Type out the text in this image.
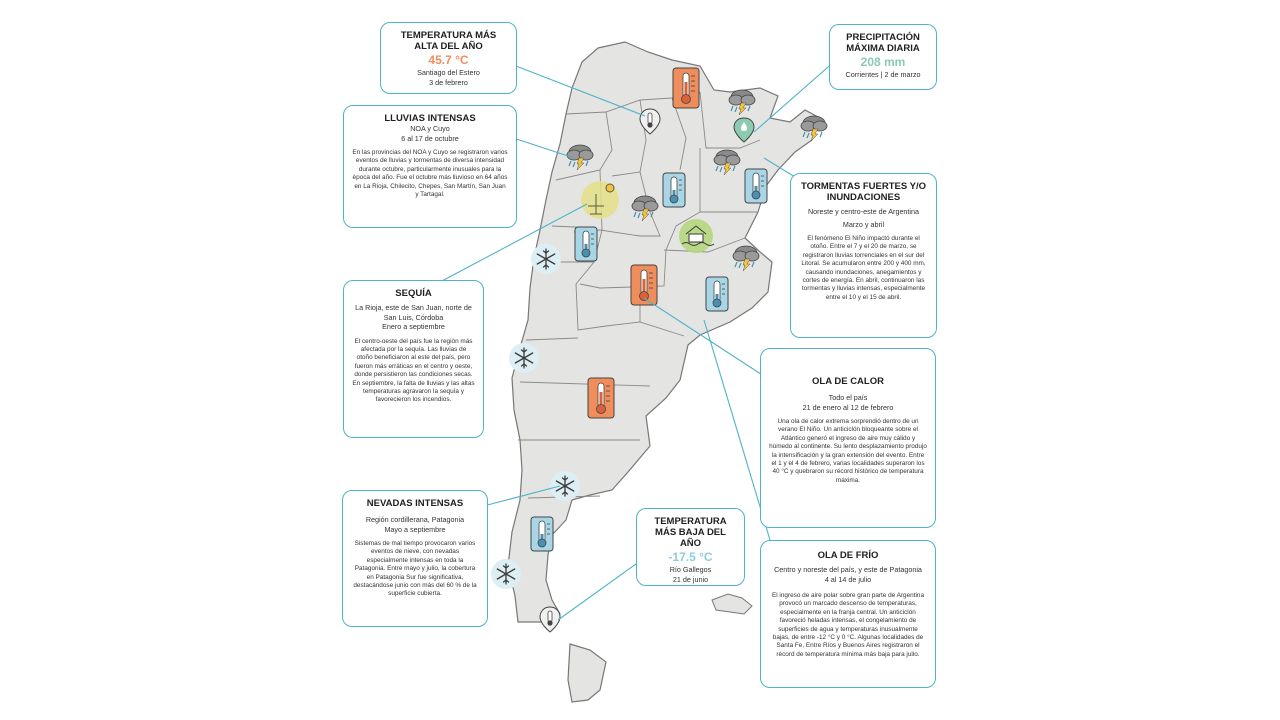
TEMPERATURA MÁS ALTA DEL AÑO
45.7 °C
Santiago del Estero
3 de febrero
PRECIPITACIÓN MÁXIMA DIARIA
208 mm
Corrientes | 2 de marzo
LLUVIAS INTENSAS
NOA y Cuyo
6 al 17 de octubre
En las provincias del NOA y Cuyo se registraron varios eventos de lluvias y tormentas de diversa intensidad durante octubre, particularmente inusuales para la época del año. Fue el octubre más lluvioso en 64 años en La Rioja, Chilecito, Chepes, San Martín, San Juan y Tartagal.
TORMENTAS FUERTES Y/O INUNDACIONES
Noreste y centro-este de Argentina
Marzo y abril
El fenómeno El Niño impactó durante el otoño. Entre el 7 y el 20 de marzo, se registraron lluvias torrenciales en el sur del Litoral. Se acumularon entre 200 y 400 mm, causando inundaciones, anegamientos y cortes de energía. En abril, continuaron las tormentas y lluvias intensas, especialmente entre el 10 y el 15 de abril.
SEQUÍA
La Rioja, este de San Juan, norte de San Luis, Córdoba
Enero a septiembre
El centro-oeste del país fue la región más afectada por la sequía. Las lluvias de otoño beneficiaron al este del país, pero fueron más erráticas en el centro y oeste, donde persistieron las condiciones secas. En septiembre, la falta de lluvias y las altas temperaturas agravaron la sequía y favorecieron los incendios.
OLA DE CALOR
Todo el país
21 de enero al 12 de febrero
Una ola de calor extrema sorprendió dentro de un verano El Niño. Un anticiclón bloqueante sobre el Atlántico generó el ingreso de aire muy cálido y húmedo al continente. Su lento desplazamiento produjo la intensificación y la gran extensión del evento. Entre el 1 y el 4 de febrero, varias localidades superaron los 40 °C y quebraron su récord histórico de temperatura máxima.
NEVADAS INTENSAS
Región cordillerana, Patagonia
Mayo a septiembre
Sistemas de mal tiempo provocaron varios eventos de nieve, con nevadas especialmente intensas en toda la Patagonia. Entre mayo y julio, la cobertura en Patagonia Sur fue significativa, destacándose junio con más del 60 % de la superficie cubierta.
TEMPERATURA MÁS BAJA DEL AÑO
-17.5 °C
Río Gallegos
21 de junio
OLA DE FRÍO
Centro y noreste del país, y este de Patagonia
4 al 14 de julio
El ingreso de aire polar sobre gran parte de Argentina provocó un marcado descenso de temperaturas, especialmente en la franja central. Un anticiclón favoreció heladas intensas, el congelamiento de superficies de agua y temperaturas inusualmente bajas, de entre -12 °C y 0 °C. Algunas localidades de Santa Fe, Entre Ríos y Buenos Aires registraron el récord de temperatura mínima más baja para julio.
